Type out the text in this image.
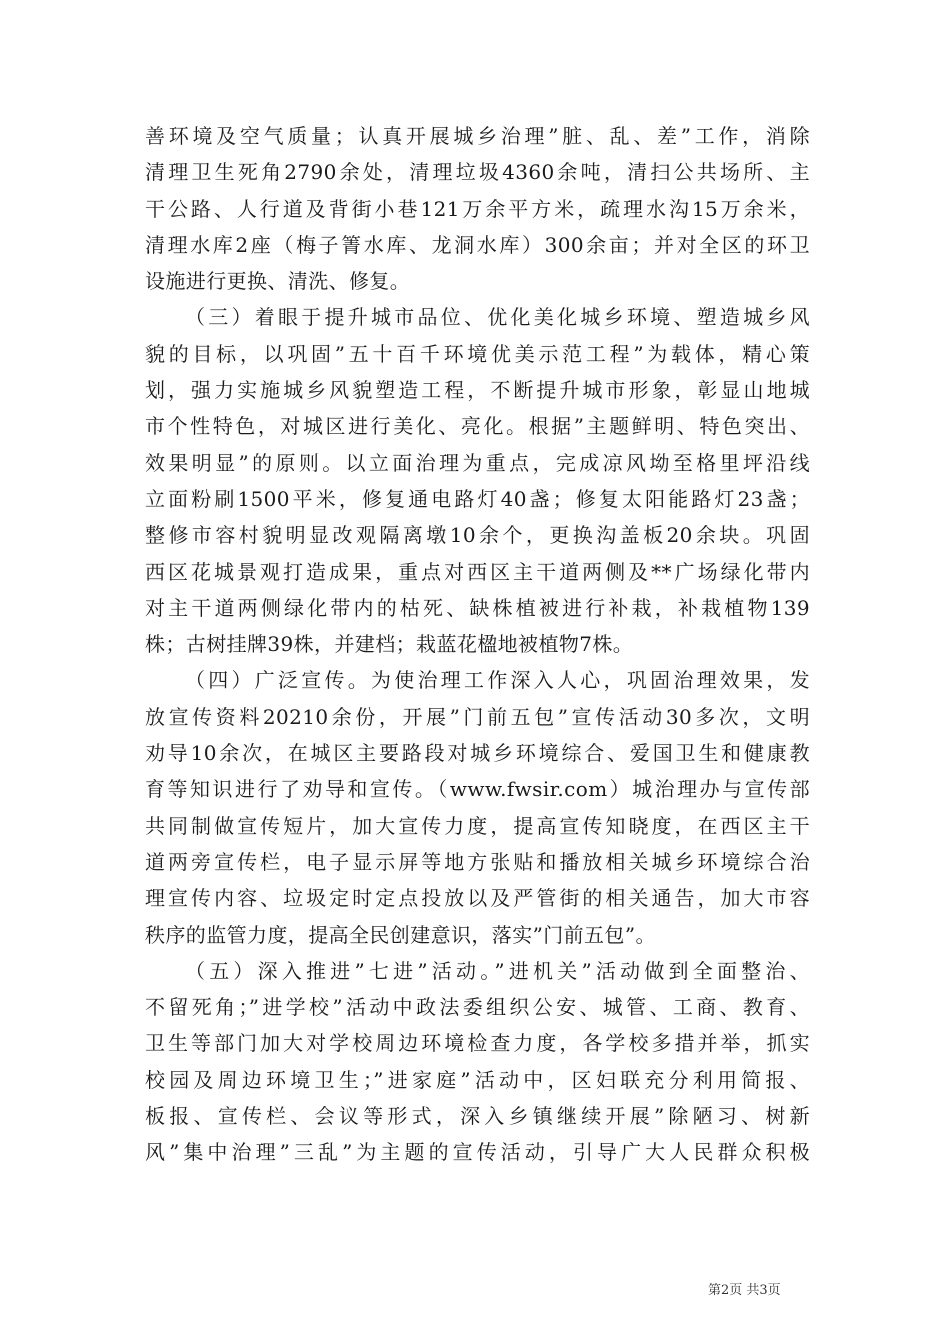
善环境及空气质量；认真开展城乡治理”脏、乱、差”工作，消除
清理卫生死角2790余处，清理垃圾4360余吨，清扫公共场所、主
干公路、人行道及背街小巷121万余平方米，疏理水沟15万余米，
清理水库2座（梅子箐水库、龙洞水库）300余亩；并对全区的环卫
设施进行更换、清洗、修复。
（三）着眼于提升城市品位、优化美化城乡环境、塑造城乡风
貌的目标，以巩固”五十百千环境优美示范工程”为载体，精心策
划，强力实施城乡风貌塑造工程，不断提升城市形象，彰显山地城
市个性特色，对城区进行美化、亮化。根据”主题鲜明、特色突出、
效果明显”的原则。以立面治理为重点，完成凉风坳至格里坪沿线
立面粉刷1500平米，修复通电路灯40盏；修复太阳能路灯23盏；
整修市容村貌明显改观隔离墩10余个，更换沟盖板20余块。巩固
西区花城景观打造成果，重点对西区主干道两侧及**广场绿化带内
对主干道两侧绿化带内的枯死、缺株植被进行补栽，补栽植物139
株；古树挂牌39株，并建档；栽蓝花楹地被植物7株。
（四）广泛宣传。为使治理工作深入人心，巩固治理效果，发
放宣传资料20210余份，开展”门前五包”宣传活动30多次，文明
劝导10余次，在城区主要路段对城乡环境综合、爱国卫生和健康教
育等知识进行了劝导和宣传。（www.fwsir.com）城治理办与宣传部
共同制做宣传短片，加大宣传力度，提高宣传知晓度，在西区主干
道两旁宣传栏，电子显示屏等地方张贴和播放相关城乡环境综合治
理宣传内容、垃圾定时定点投放以及严管街的相关通告，加大市容
秩序的监管力度，提高全民创建意识，落实”门前五包”。
（五）深入推进”七进”活动。”进机关”活动做到全面整治、
不留死角；”进学校”活动中政法委组织公安、城管、工商、教育、
卫生等部门加大对学校周边环境检查力度，各学校多措并举，抓实
校园及周边环境卫生；”进家庭”活动中，区妇联充分利用简报、
板报、宣传栏、会议等形式，深入乡镇继续开展”除陋习、树新
风”集中治理”三乱”为主题的宣传活动，引导广大人民群众积极
第2页 共3页
